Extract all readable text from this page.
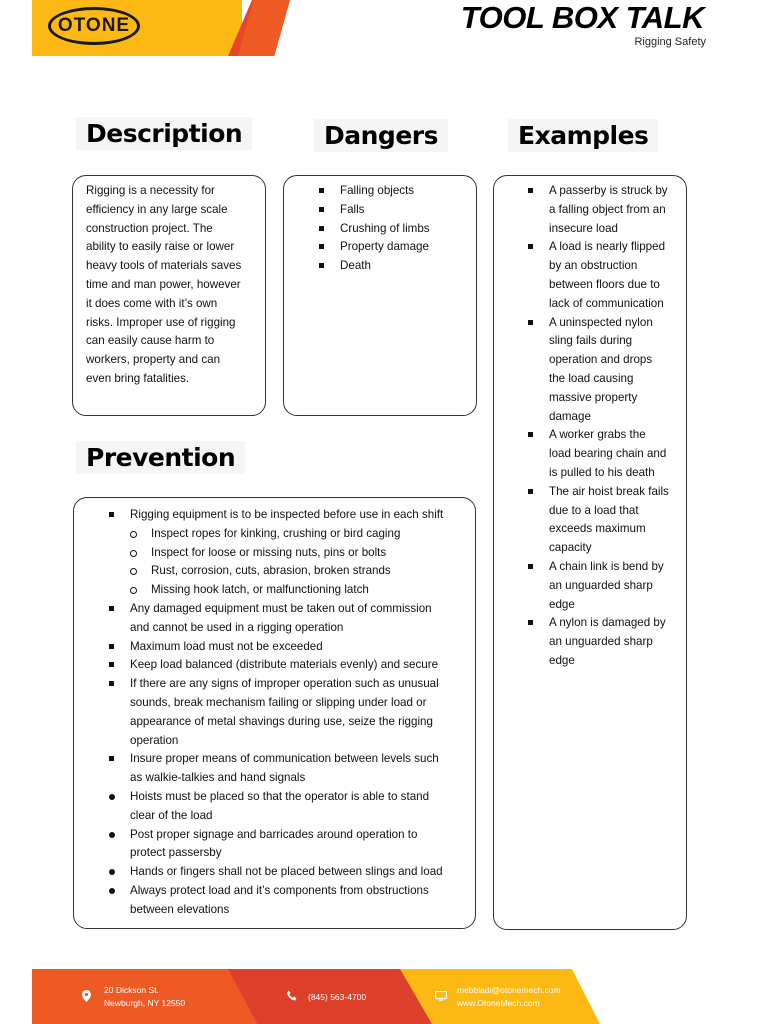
OTONE	TOOL BOX TALK
Rigging Safety
Description	Dangers	Examples
Prevention
Rigging is a necessity for
efficiency in any large scale
construction project. The
ability to easily raise or lower
heavy tools of materials saves
time and man power, however
it does come with it’s own
risks. Improper use of rigging
can easily cause harm to
workers, property and can
even bring fatalities.
Falling objects
Falls
Crushing of limbs
Property damage
Death
A passerby is struck by
a falling object from an
insecure load
A load is nearly flipped
by an obstruction
between floors due to
lack of communication
A uninspected nylon
sling fails during
operation and drops
the load causing
massive property
damage
A worker grabs the
load bearing chain and
is pulled to his death
The air hoist break fails
due to a load that
exceeds maximum
capacity
A chain link is bend by
an unguarded sharp
edge
A nylon is damaged by
an unguarded sharp
edge
Rigging equipment is to be inspected before use in each shift
Inspect ropes for kinking, crushing or bird caging
Inspect for loose or missing nuts, pins or bolts
Rust, corrosion, cuts, abrasion, broken strands
Missing hook latch, or malfunctioning latch
Any damaged equipment must be taken out of commission
and cannot be used in a rigging operation
Maximum load must not be exceeded
Keep load balanced (distribute materials evenly) and secure
If there are any signs of improper operation such as unusual
sounds, break mechanism failing or slipping under load or
appearance of metal shavings during use, seize the rigging
operation
Insure proper means of communication between levels such
as walkie-talkies and hand signals
Hoists must be placed so that the operator is able to stand
clear of the load
Post proper signage and barricades around operation to
protect passersby
Hands or fingers shall not be placed between slings and load
Always protect load and it’s components from obstructions
between elevations
20 Dickson St.
Newburgh, NY 12550
(845) 563-4700
mebbladi@otonemech.com
www.OtoneMech.com
